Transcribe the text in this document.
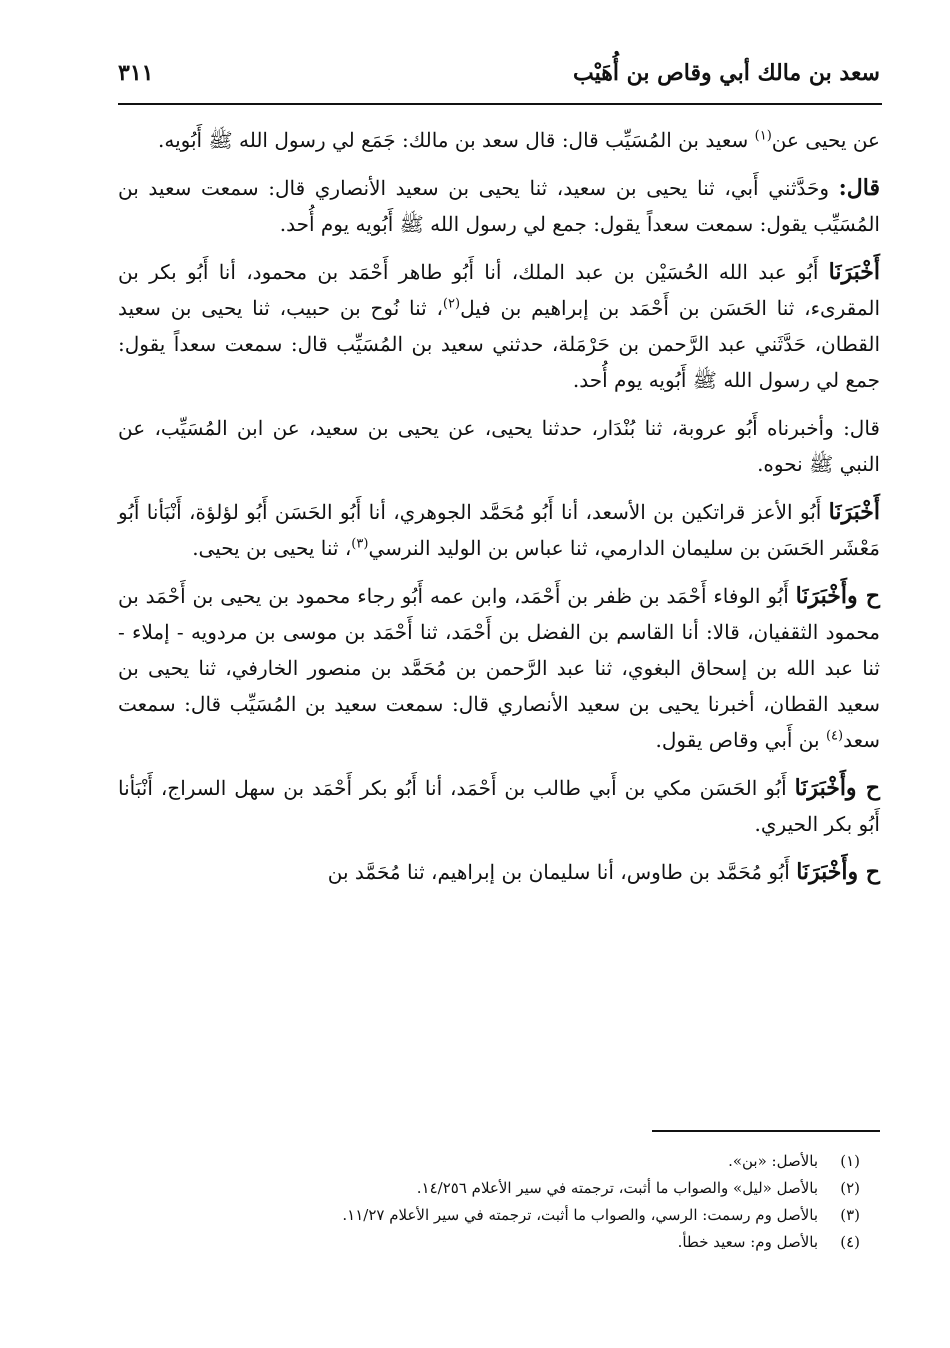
سعد بن مالك أبي وقاص بن أُهَيْب
٣١١

عن يحيى عن$^{(١)}$ سعيد بن المُسَيِّب قال: قال سعد بن مالك: جَمَع لي رسول الله ﷺ أَبُويه.

قال: وحَدَّثني أَبي، ثنا يحيى بن سعيد، ثنا يحيى بن سعيد الأنصاري قال: سمعت سعيد بن المُسَيِّب يقول: سمعت سعداً يقول: جمع لي رسول الله ﷺ أَبُويه يوم أُحد.

أَخْبَرَنَا أَبُو عبد الله الحُسَيْن بن عبد الملك، أنا أَبُو طاهر أَحْمَد بن محمود، أنا أَبُو بكر بن المقرىء، ثنا الحَسَن بن أَحْمَد بن إبراهيم بن فيل$^{(٢)}$، ثنا نُوح بن حبيب، ثنا يحيى بن سعيد القطان، حَدَّثَني عبد الرَّحمن بن حَرْمَلة، حدثني سعيد بن المُسَيِّب قال: سمعت سعداً يقول: جمع لي رسول الله ﷺ أَبُويه يوم أُحد.

قال: وأخبرناه أَبُو عروبة، ثنا بُنْدَار، حدثنا يحيى، عن يحيى بن سعيد، عن ابن المُسَيِّب، عن النبي ﷺ نحوه.

أَخْبَرَنَا أَبُو الأعز قراتكين بن الأسعد، أنا أَبُو مُحَمَّد الجوهري، أنا أَبُو الحَسَن أَبُو لؤلؤة، أَنْبَأنا أَبُو مَعْشَر الحَسَن بن سليمان الدارمي، ثنا عباس بن الوليد النرسي$^{(٣)}$، ثنا يحيى بن يحيى.

ح وأَخْبَرَنَا أَبُو الوفاء أَحْمَد بن ظفر بن أَحْمَد، وابن عمه أَبُو رجاء محمود بن يحيى بن أَحْمَد بن محمود الثقفيان، قالا: أنا القاسم بن الفضل بن أَحْمَد، ثنا أَحْمَد بن موسى بن مردويه - إملاء - ثنا عبد الله بن إسحاق البغوي، ثنا عبد الرَّحمن بن مُحَمَّد بن منصور الخارفي، ثنا يحيى بن سعيد القطان، أخبرنا يحيى بن سعيد الأنصاري قال: سمعت سعيد بن المُسَيِّب قال: سمعت سعد$^{(٤)}$ بن أَبي وقاص يقول.

ح وأَخْبَرَنَا أَبُو الحَسَن مكي بن أَبي طالب بن أَحْمَد، أنا أَبُو بكر أَحْمَد بن سهل السراج، أَنْبَأنا أَبُو بكر الحيري.

ح وأَخْبَرَنَا أَبُو مُحَمَّد بن طاوس، أنا سليمان بن إبراهيم، ثنا مُحَمَّد بن

(١)بالأصل: «بن».
(٢)بالأصل «ليل» والصواب ما أثبت، ترجمته في سير الأعلام ١٤/٢٥٦.
(٣)بالأصل وم رسمت: الرسي، والصواب ما أثبت، ترجمته في سير الأعلام ١١/٢٧.
(٤)بالأصل وم: سعيد خطأ.
